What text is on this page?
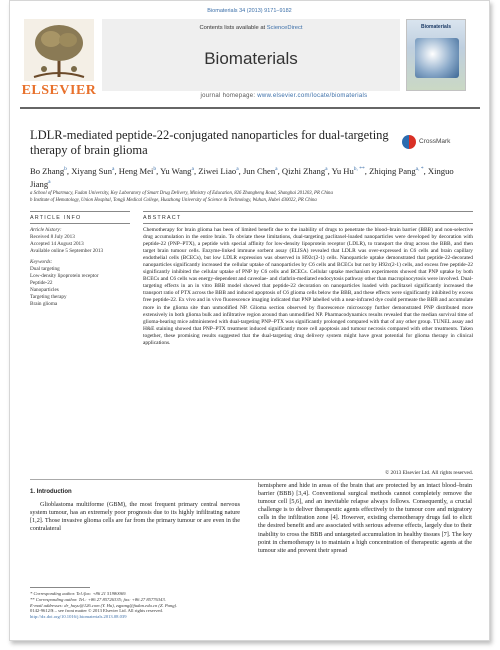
Biomaterials 34 (2013) 9171–9182
ELSEVIER
Contents lists available at ScienceDirect
Biomaterials
Biomaterials
journal homepage: www.elsevier.com/locate/biomaterials
LDLR-mediated peptide-22-conjugated nanoparticles for dual-targeting therapy of brain glioma
CrossMark
Bo Zhang$^b$, Xiyang Sun$^a$, Heng Mei$^b$, Yu Wang$^a$, Ziwei Liao$^a$, Jun Chen$^a$, Qizhi Zhang$^a$, Yu $Hu^{b, **}$, Zhiqing Pang$^{a, *}$, Xinguo Jiang$^a$
a School of Pharmacy, Fudan University, Key Laboratory of Smart Drug Delivery, Ministry of Education, 826 Zhangheng Road, Shanghai 201203, PR China
b Institute of Hematology, Union Hospital, Tongji Medical College, Huazhong University of Science & Technology, Wuhan, Hubei 430022, PR China
ARTICLE INFO	ABSTRACT
Article history:
Received 8 July 2013
Accepted 14 August 2013
Available online 5 September 2013
Keywords:
Dual targeting
Low-density lipoprotein receptor
Peptide-22
Nanoparticles
Targeting therapy
Brain glioma
Chemotherapy for brain glioma has been of limited benefit due to the inability of drugs to penetrate the blood–brain barrier (BBB) and non-selective drug accumulation in the entire brain. To obviate these limitations, dual-targeting paclitaxel-loaded nanoparticles were developed by decoration with peptide-22 (PNP–PTX), a peptide with special affinity for low-density lipoprotein receptor (LDLR), to transport the drug across the BBB, and then target brain tumour cells. Enzyme-linked immune sorbent assay (ELISA) revealed that LDLR was over-expressed in C6 cells and brain capillary endothelial cells (BCECs), but low LDLR expression was observed in H92c(2-1) cells. Nanoparticle uptake demonstrated that peptide-22-decorated nanoparticles significantly increased the cellular uptake of nanoparticles by C6 cells and BCECs but not by H92c(2-1) cells, and excess free peptide-22 significantly inhibited the cellular uptake of PNP by C6 cells and BCECs. Cellular uptake mechanism experiments showed that PNP uptake by both BCECs and C6 cells was energy-dependent and caveolae- and clathrin-mediated endocytosis pathway other than macropinocytosis were involved. Dual-targeting effects in an in vitro BBB model showed that peptide-22 decoration on nanoparticles loaded with paclitaxel significantly increased the transport ratio of PTX across the BBB and induced apoptosis of C6 glioma cells below the BBB, and these effects were significantly inhibited by excess free peptide-22. Ex vivo and in vivo fluorescence imaging indicated that PNP labelled with a near-infrared dye could permeate the BBB and accumulate more in the glioma site than unmodified NP. Glioma section observed by fluorescence microscopy further demonstrated PNP distributed more extensively in both glioma bulk and infiltrative region around than unmodified NP. Pharmacodynamics results revealed that the median survival time of glioma-bearing mice administered with dual-targeting PNP–PTX was significantly prolonged compared with that of any other group. TUNEL assay and H&E staining showed that PNP–PTX treatment induced significantly more cell apoptosis and tumour necrosis compared with other treatments. Taken together, these promising results suggested that the dual-targeting drug delivery system might have great potential for glioma therapy in clinical applications.
© 2013 Elsevier Ltd. All rights reserved.
1. Introduction
Glioblastoma multiforme (GBM), the most frequent primary central nervous system tumour, has an extremely poor prognosis due to its highly infiltrating nature [1,2]. Those invasive glioma cells are far from the primary tumour or are even in the contralateral
hemisphere and hide in areas of the brain that are protected by an intact blood–brain barrier (BBB) [3,4]. Conventional surgical methods cannot completely remove the tumour cell [5,6], and an inevitable relapse always follows. Consequently, a crucial challenge is to deliver therapeutic agents effectively to the tumour core and migratory cells in the infiltration zone [4]. However, existing chemotherapy drugs fail to elicit the desired benefit and are associated with serious adverse effects, largely due to their inability to cross the BBB and untargeted accumulation in healthy tissues [7]. The key point in chemotherapy is to maintain a high concentration of therapeutic agents at the tumour site and prevent their spread
* Corresponding author. Tel./fax: +86 21 51980069.
** Corresponding author. Tel.: +86 27 85726335; fax: +86 27 85776343.
E-mail addresses: dr_huyu@126.com (Y. Hu), zqpang@fudan.edu.cn (Z. Pang).
0142-9612/$ – see front matter © 2013 Elsevier Ltd. All rights reserved.
http://dx.doi.org/10.1016/j.biomaterials.2013.08.039
